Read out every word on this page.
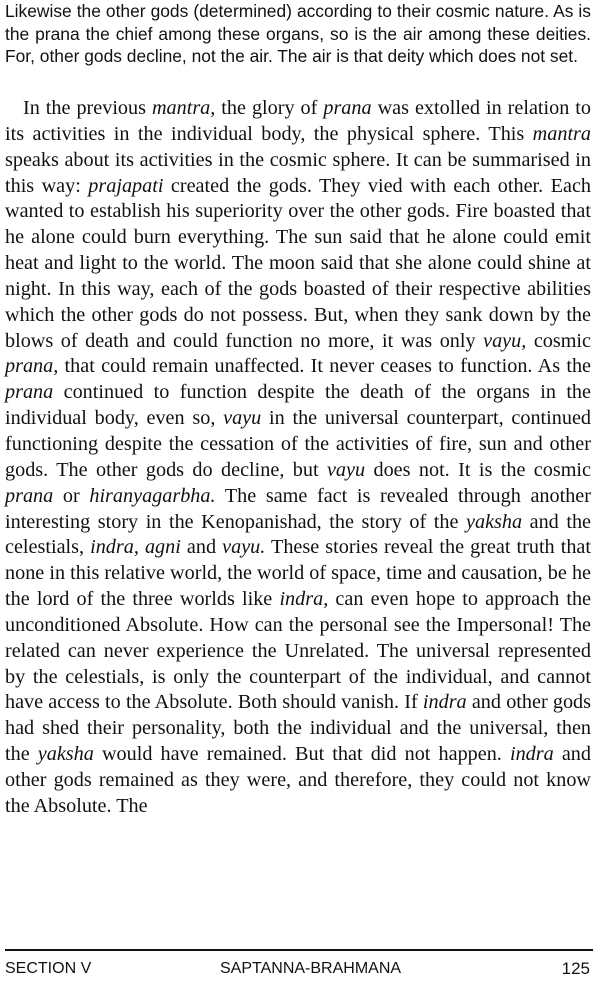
Likewise the other gods (determined) according to their cosmic nature. As is the prana the chief among these organs, so is the air among these deities. For, other gods decline, not the air. The air is that deity which does not set.

In the previous mantra, the glory of prana was extolled in relation to its activities in the individual body, the physical sphere. This mantra speaks about its activities in the cosmic sphere. It can be summarised in this way: prajapati created the gods. They vied with each other. Each wanted to establish his superiority over the other gods. Fire boasted that he alone could burn everything. The sun said that he alone could emit heat and light to the world. The moon said that she alone could shine at night. In this way, each of the gods boasted of their respective abilities which the other gods do not possess. But, when they sank down by the blows of death and could function no more, it was only vayu, cosmic prana, that could remain unaffected. It never ceases to function. As the prana continued to function despite the death of the organs in the individual body, even so, vayu in the universal counterpart, continued functioning despite the cessation of the activities of fire, sun and other gods. The other gods do decline, but vayu does not. It is the cosmic prana or hiranyagarbha. The same fact is revealed through another interesting story in the Kenopanishad, the story of the yaksha and the celestials, indra, agni and vayu. These stories reveal the great truth that none in this relative world, the world of space, time and causation, be he the lord of the three worlds like indra, can even hope to approach the unconditioned Absolute. How can the personal see the Impersonal! The related can never experience the Unrelated. The universal represented by the celestials, is only the counterpart of the individual, and cannot have access to the Absolute. Both should vanish. If indra and other gods had shed their personality, both the individual and the universal, then the yaksha would have remained. But that did not happen. indra and other gods remained as they were, and therefore, they could not know the Absolute. The

SECTION V	SAPTANNA-BRAHMANA	125
